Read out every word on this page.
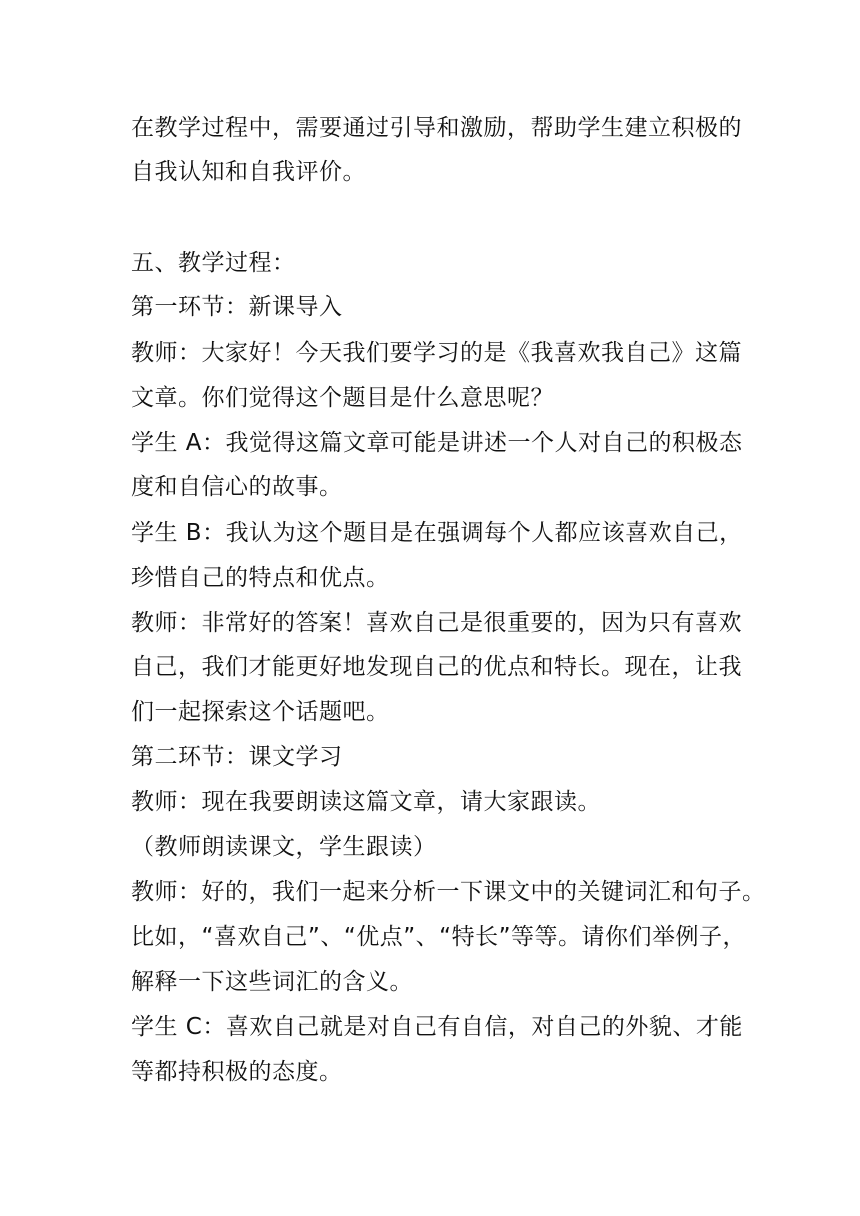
在教学过程中，需要通过引导和激励，帮助学生建立积极的
自我认知和自我评价。
五、教学过程：
第一环节：新课导入
教师：大家好！今天我们要学习的是《我喜欢我自己》这篇
文章。你们觉得这个题目是什么意思呢？
学生 A：我觉得这篇文章可能是讲述一个人对自己的积极态
度和自信心的故事。
学生 B：我认为这个题目是在强调每个人都应该喜欢自己，
珍惜自己的特点和优点。
教师：非常好的答案！喜欢自己是很重要的，因为只有喜欢
自己，我们才能更好地发现自己的优点和特长。现在，让我
们一起探索这个话题吧。
第二环节：课文学习
教师：现在我要朗读这篇文章，请大家跟读。
（教师朗读课文，学生跟读）
教师：好的，我们一起来分析一下课文中的关键词汇和句子。
比如，“喜欢自己”、“优点”、“特长”等等。请你们举例子，
解释一下这些词汇的含义。
学生 C：喜欢自己就是对自己有自信，对自己的外貌、才能
等都持积极的态度。
